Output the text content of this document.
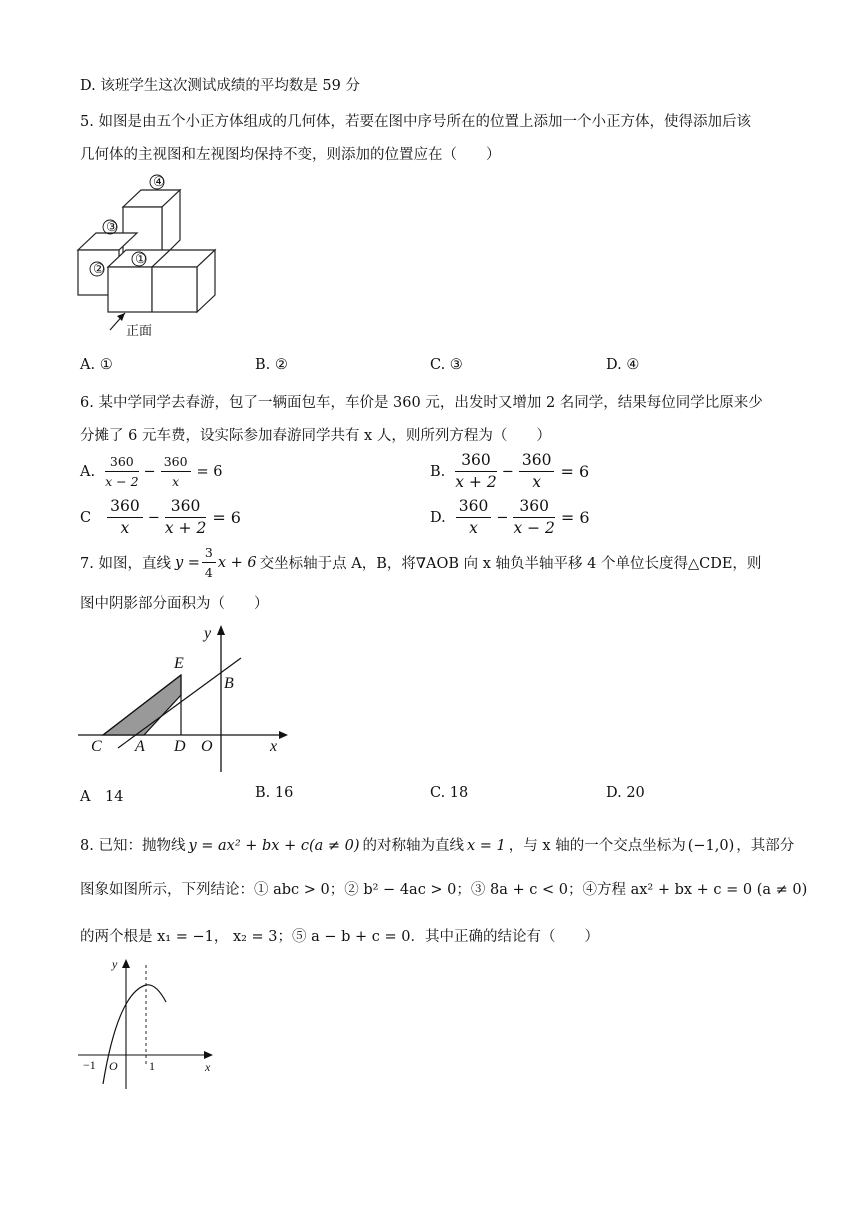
D. 该班学生这次测试成绩的平均数是 59 分
5. 如图是由五个小正方体组成的几何体，若要在图中序号所在的位置上添加一个小正方体，使得添加后该
几何体的主视图和左视图均保持不变，则添加的位置应在（　　）
④
③
②
①
正面
A. ①	B. ②	C. ③	D. ④
6. 某中学同学去春游，包了一辆面包车，车价是 360 元，出发时又增加 2 名同学，结果每位同学比原来少
分摊了 6 元车费，设实际参加春游同学共有 x 人，则所列方程为（　　）
A. $\frac{360}{x - 2} - \frac{360}{x} = 6$	B. $\frac{360}{x + 2} - \frac{360}{x} = 6$
C $\frac{360}{x} - \frac{360}{x + 2} = 6$	D. $\frac{360}{x} - \frac{360}{x - 2} = 6$
7. 如图，直线 $y = \frac{3}{4}$ x + 6 交坐标轴于点 A，B，将∇AOB 向 x 轴负半轴平移 4 个单位长度得△CDE，则
图中阴影部分面积为（　　）
y
x
C A D O
E
B
A　14	B. 16	C. 18	D. 20
8. 已知：抛物线 y = ax² + bx + c(a ≠ 0) 的对称轴为直线 x = 1 ，与 x 轴的一个交点坐标为 (−1,0) ，其部分
图象如图所示，下列结论：① abc > 0；② b² − 4ac > 0；③ 8a + c < 0；④方程 ax² + bx + c = 0 (a ≠ 0)
的两个根是 x₁ = −1， x₂ = 3；⑤ a − b + c = 0．其中正确的结论有（　　）
y
x
−1 O	1
